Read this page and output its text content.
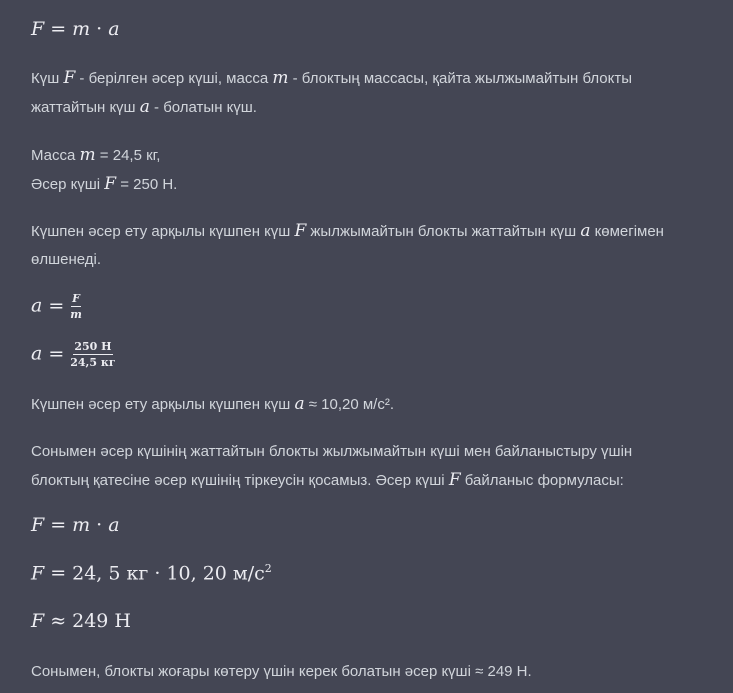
F = m · a
Күш F - берілген әсер күші, масса m - блоктың массасы, қайта жылжымайтын блокты
жаттайтын күш a - болатын күш.
Масса m = 24,5 кг,
Әсер күші F = 250 Н.
Күшпен әсер ету арқылы күшпен күш F жылжымайтын блокты жаттайтын күш a көмегімен
өлшенеді.
$a = \frac{F}{m}$
$a = \frac{250 Н}{24,5 кг}$
Күшпен әсер ету арқылы күшпен күш a ≈ 10,20 м/с².
Сонымен әсер күшінің жаттайтын блокты жылжымайтын күші мен байланыстыру үшін
блоктың қатесіне әсер күшінің тіркеусін қосамыз. Әсер күші F байланыс формуласы:
F = m · a
F = 24, 5 кг · 10, 20 $м/с^2$
F ≈ 249 Н
Сонымен, блокты жоғары көтеру үшін керек болатын әсер күші ≈ 249 Н.
